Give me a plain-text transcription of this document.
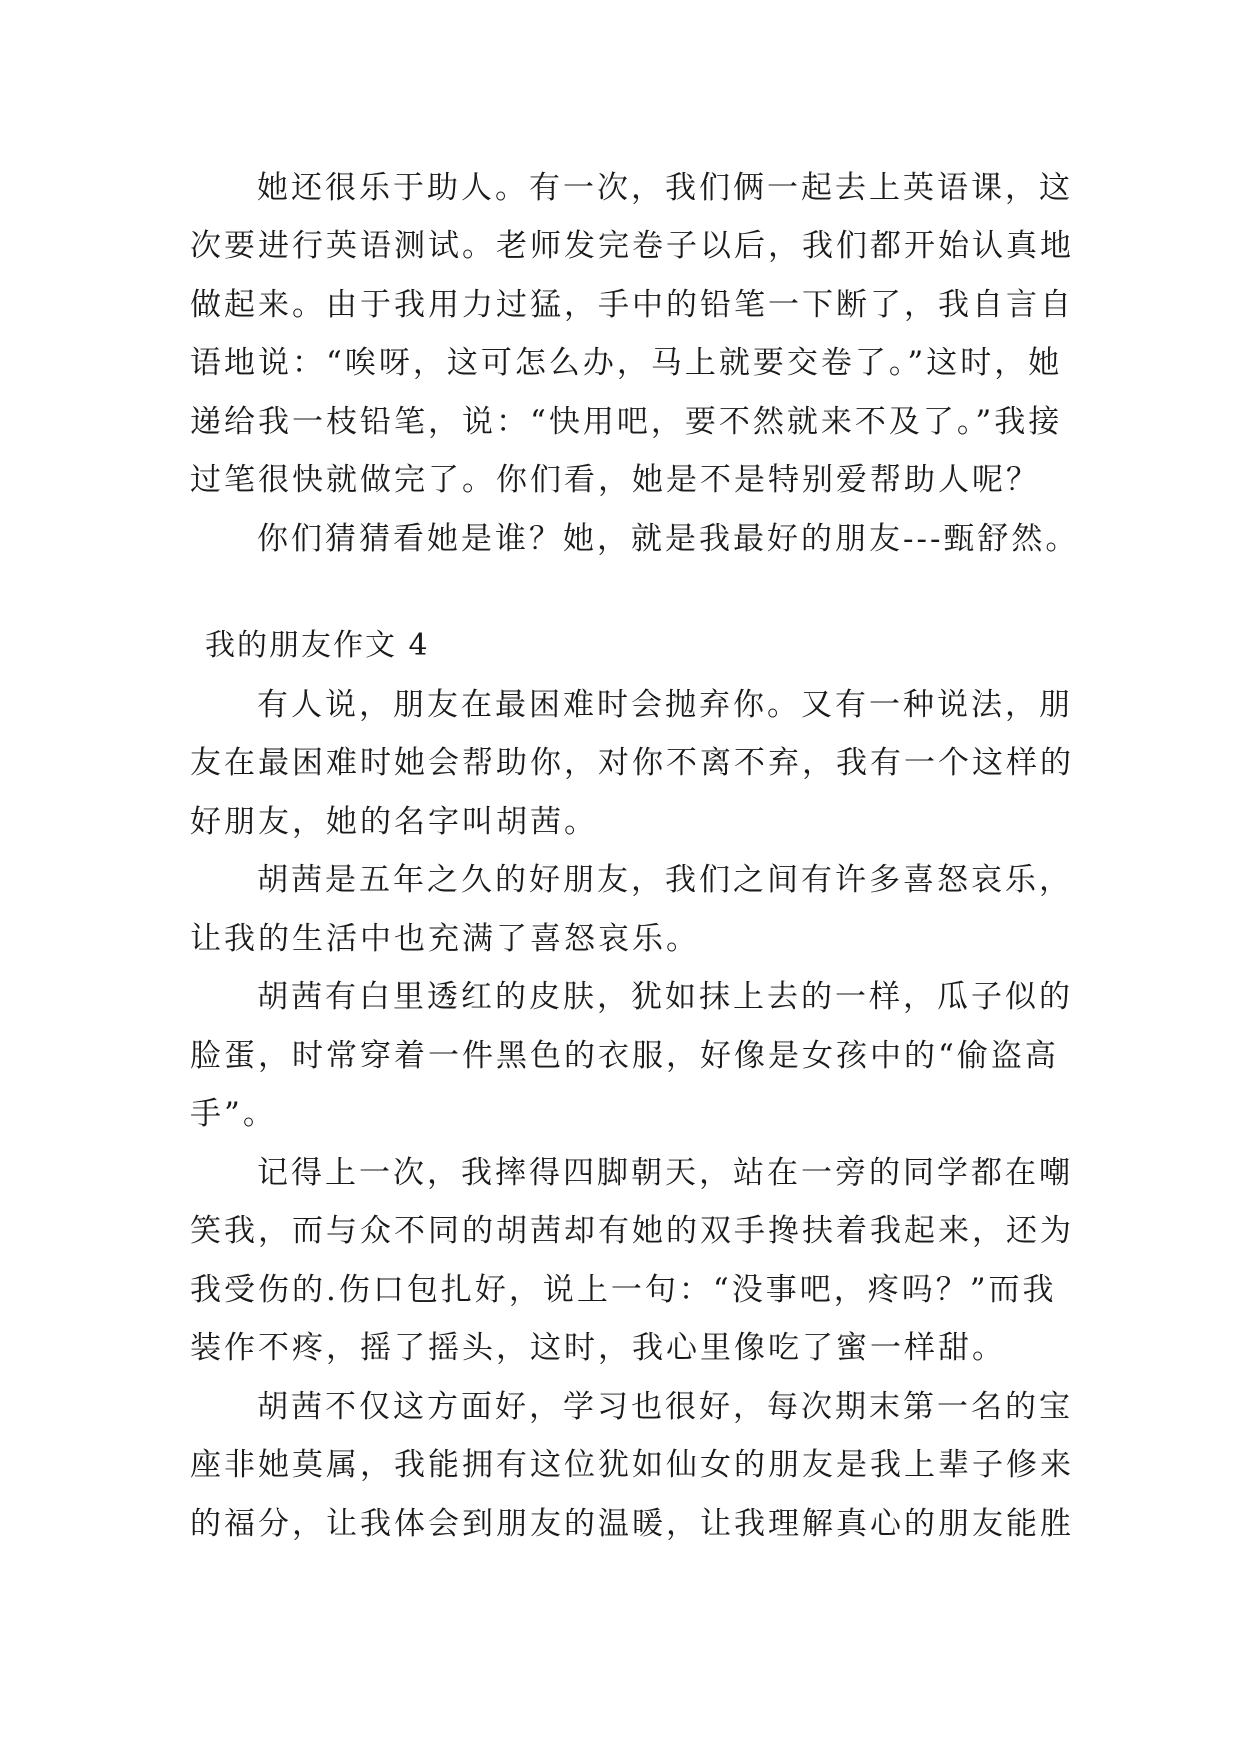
她还很乐于助人。有一次，我们俩一起去上英语课，这
次要进行英语测试。老师发完卷子以后，我们都开始认真地
做起来。由于我用力过猛，手中的铅笔一下断了，我自言自
语地说：“唉呀，这可怎么办，马上就要交卷了。”这时，她
递给我一枝铅笔，说：“快用吧，要不然就来不及了。”我接
过笔很快就做完了。你们看，她是不是特别爱帮助人呢？
你们猜猜看她是谁？她，就是我最好的朋友---甄舒然。
我的朋友作文 4
有人说，朋友在最困难时会抛弃你。又有一种说法，朋
友在最困难时她会帮助你，对你不离不弃，我有一个这样的
好朋友，她的名字叫胡茜。
胡茜是五年之久的好朋友，我们之间有许多喜怒哀乐，
让我的生活中也充满了喜怒哀乐。
胡茜有白里透红的皮肤，犹如抹上去的一样，瓜子似的
脸蛋，时常穿着一件黑色的衣服，好像是女孩中的“偷盗高
手”。
记得上一次，我摔得四脚朝天，站在一旁的同学都在嘲
笑我，而与众不同的胡茜却有她的双手搀扶着我起来，还为
我受伤的.伤口包扎好，说上一句：“没事吧，疼吗？”而我
装作不疼，摇了摇头，这时，我心里像吃了蜜一样甜。
胡茜不仅这方面好，学习也很好，每次期末第一名的宝
座非她莫属，我能拥有这位犹如仙女的朋友是我上辈子修来
的福分，让我体会到朋友的温暖，让我理解真心的朋友能胜
